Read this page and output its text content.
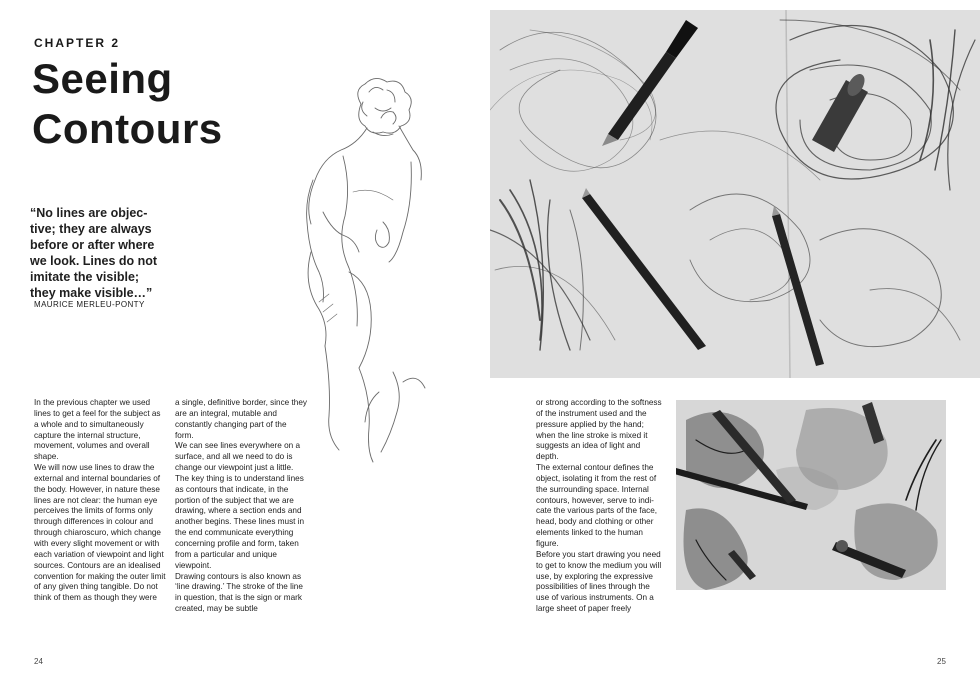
CHAPTER 2
Seeing
Contours
“No lines are objective; they are always before or after where we look. Lines do not imitate the visible; they make visible…”
MAURICE MERLEU-PONTY

In the previous chapter we used lines to get a feel for the subject as a whole and to simultaneously capture the internal structure, movement, volumes and overall shape.

We will now use lines to draw the external and internal boundaries of the body. However, in nature these lines are not clear: the human eye perceives the limits of forms only through differences in colour and through chiaroscuro, which change with every slight movement or with each variation of viewpoint and light sources. Contours are an idealised convention for making the outer limit of any given thing tangible. Do not think of them as though they were

a single, definitive border, since they are an integral, mutable and constantly changing part of the form.

We can see lines everywhere on a surface, and all we need to do is change our viewpoint just a little. The key thing is to understand lines as contours that indicate, in the portion of the subject that we are drawing, where a section ends and another begins. These lines must in the end communicate everything concerning profile and form, taken from a particular and unique viewpoint.

Drawing contours is also known as ‘line drawing.’ The stroke of the line in question, that is the sign or mark created, may be subtle

24

or strong according to the softness of the instrument used and the pressure applied by the hand; when the line stroke is mixed it suggests an idea of light and depth.

The external contour defines the object, isolating it from the rest of the surrounding space. Internal contours, however, serve to indicate the various parts of the face, head, body and clothing or other elements linked to the human figure.

Before you start drawing you need to get to know the medium you will use, by exploring the expressive possibilities of lines through the use of various instruments. On a large sheet of paper freely

25
